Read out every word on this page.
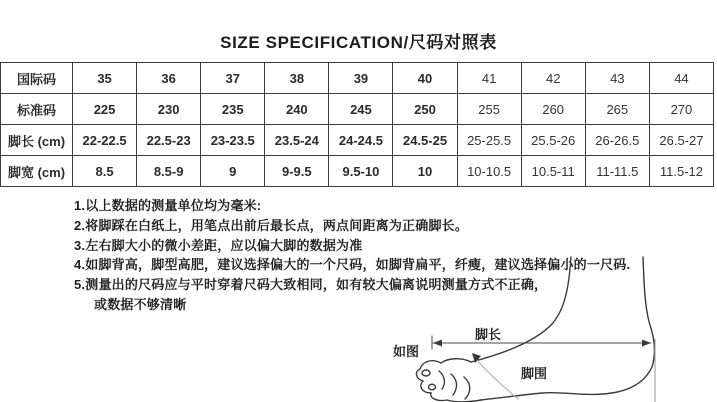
SIZE SPECIFICATION/尺码对照表
国际码	35	36	37	38	39	40	41	42	43	44
标准码	225	230	235	240	245	250	255	260	265	270
脚长 (cm)	22-22.5	22.5-23	23-23.5	23.5-24	24-24.5	24.5-25	25-25.5	25.5-26	26-26.5	26.5-27
脚宽 (cm)	8.5	8.5-9	9	9-9.5	9.5-10	10	10-10.5	10.5-11	11-11.5	11.5-12
1.以上数据的测量单位均为毫米:
2.将脚踩在白纸上，用笔点出前后最长点，两点间距离为正确脚长。
3.左右脚大小的微小差距，应以偏大脚的数据为准
4.如脚背高，脚型高肥，建议选择偏大的一个尺码，如脚背扁平，纤瘦，建议选择偏小的一尺码.
5.测量出的尺码应与平时穿着尺码大致相同，如有较大偏离说明测量方式不正确，
或数据不够清晰
如图
脚长
脚围
